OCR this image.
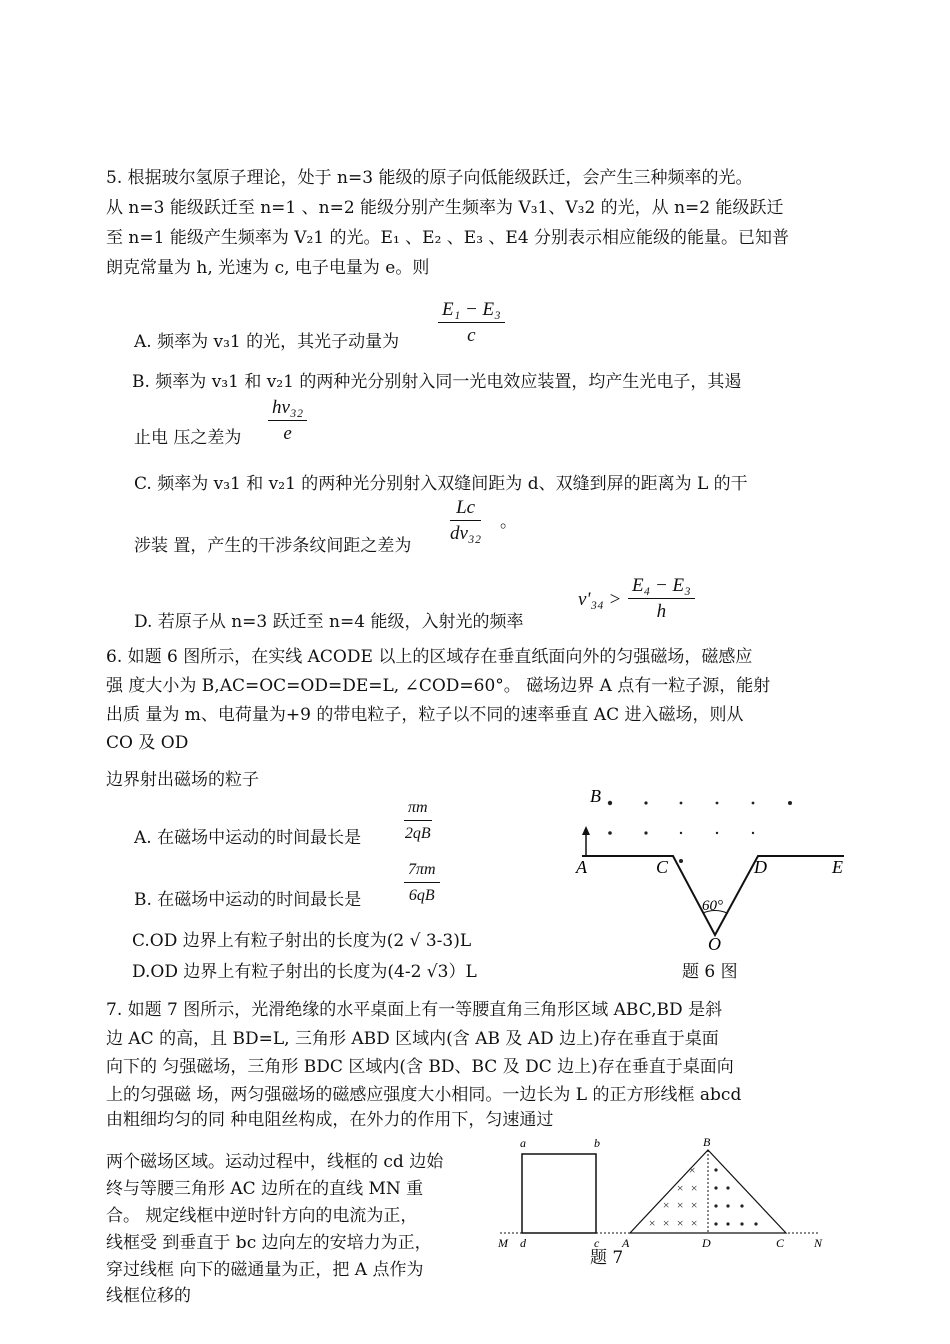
5. 根据玻尔氢原子理论，处于 n=3 能级的原子向低能级跃迁，会产生三种频率的光。
从 n=3 能级跃迁至 n=1 、n=2 能级分别产生频率为 V₃1、V₃2 的光，从 n=2 能级跃迁
至 n=1 能级产生频率为 V₂1 的光。E₁ 、E₂ 、E₃ 、E4 分别表示相应能级的能量。已知普
朗克常量为 h, 光速为 c, 电子电量为 e。则
A. 频率为 v₃1 的光，其光子动量为 $\frac{\text{E₁ − E₃}}{c}$
B. 频率为 v₃1 和 v₂1 的两种光分别射入同一光电效应装置，均产生光电子，其遏
止电 压之差为 $\frac{\text{hv₃₂}}{e}$
C. 频率为 v₃1 和 v₂1 的两种光分别射入双缝间距为 d、双缝到屏的距离为 L 的干
涉装 置，产生的干涉条纹间距之差为 $\frac{Lc}{\text{dv₃₂}}$ 。
D. 若原子从 n=3 跃迁至 n=4 能级，入射光的频率
$v'_{34} > \frac{\text{E₄ − E₃}}{h}$
6. 如题 6 图所示，在实线 ACODE 以上的区域存在垂直纸面向外的匀强磁场，磁感应
强 度大小为 B,AC=OC=OD=DE=L, ∠COD=60°。 磁场边界 A 点有一粒子源，能射
出质 量为 m、电荷量为+9 的带电粒子，粒子以不同的速率垂直 AC 进入磁场，则从
CO 及 OD
边界射出磁场的粒子
A. 在磁场中运动的时间最长是	$\frac{\pi m}{2qB}$
B. 在磁场中运动的时间最长是	$\frac{7\pi m}{6qB}$
C.OD 边界上有粒子射出的长度为(2 √ 3-3)L
D.OD 边界上有粒子射出的长度为(4-2 √3）L	题 6 图
B
A	C	D	E
O
60°
7. 如题 7 图所示，光滑绝缘的水平桌面上有一等腰直角三角形区域 ABC,BD 是斜
边 AC 的高，且 BD=L, 三角形 ABD 区域内(含 AB 及 AD 边上)存在垂直于桌面
向下的 匀强磁场，三角形 BDC 区域内(含 BD、BC 及 DC 边上)存在垂直于桌面向
上的匀强磁 场，两匀强磁场的磁感应强度大小相同。一边长为 L 的正方形线框 abcd
由粗细均匀的同 种电阻丝构成，在外力的作用下，匀速通过
两个磁场区域。运动过程中，线框的 cd 边始
终与等腰三角形 AC 边所在的直线 MN 重
合。 规定线框中逆时针方向的电流为正，
线框受 到垂直于 bc 边向左的安培力为正，
穿过线框 向下的磁通量为正，把 A 点作为
线框位移的
×
× ×
× × ×
× × × ×
a	b
d	c
M	N
A
B
D	C
题 7
